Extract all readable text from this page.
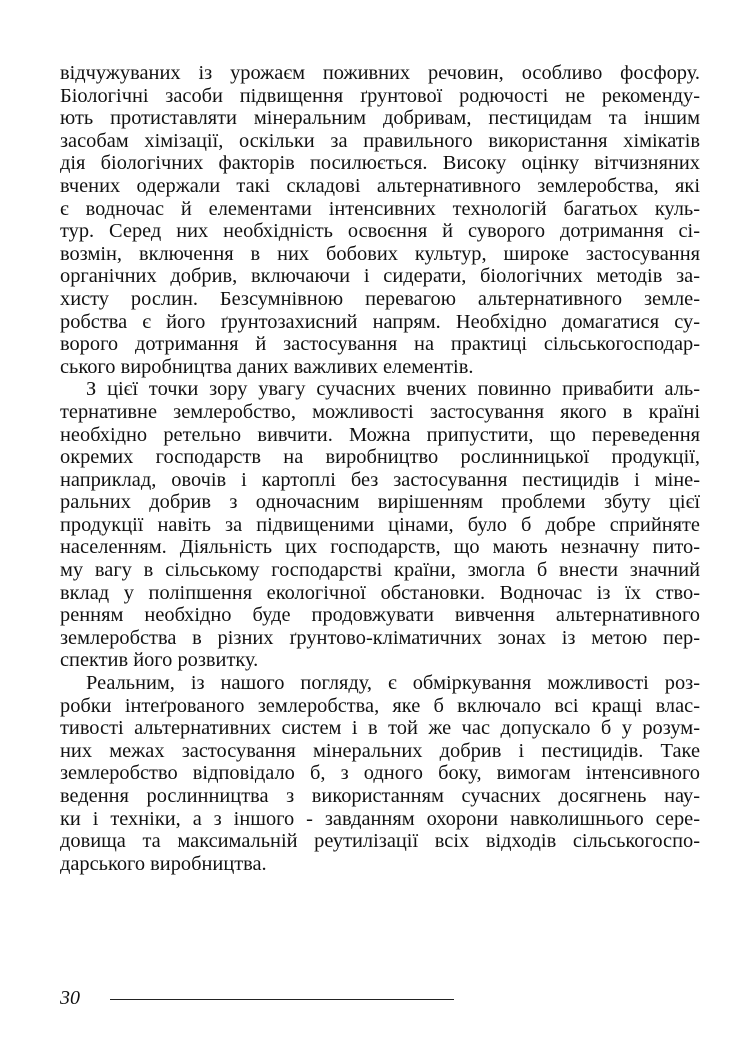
відчужуваних із урожаєм поживних речовин, особливо фосфору.
Біологічні засоби підвищення ґрунтової родючості не рекоменду-
ють протиставляти мінеральним добривам, пестицидам та іншим
засобам хімізації, оскільки за правильного використання хімікатів
дія біологічних факторів посилюється. Високу оцінку вітчизняних
вчених одержали такі складові альтернативного землеробства, які
є водночас й елементами інтенсивних технологій багатьох куль-
тур. Серед них необхідність освоєння й суворого дотримання сі-
возмін, включення в них бобових культур, широке застосування
органічних добрив, включаючи і сидерати, біологічних методів за-
хисту рослин. Безсумнівною перевагою альтернативного земле-
робства є його ґрунтозахисний напрям. Необхідно домагатися су-
ворого дотримання й застосування на практиці сільськогосподар-
ського виробництва даних важливих елементів.
З цієї точки зору увагу сучасних вчених повинно привабити аль-
тернативне землеробство, можливості застосування якого в країні
необхідно ретельно вивчити. Можна припустити, що переведення
окремих господарств на виробництво рослинницької продукції,
наприклад, овочів і картоплі без застосування пестицидів і міне-
ральних добрив з одночасним вирішенням проблеми збуту цієї
продукції навіть за підвищеними цінами, було б добре сприйняте
населенням. Діяльність цих господарств, що мають незначну пито-
му вагу в сільському господарстві країни, змогла б внести значний
вклад у поліпшення екологічної обстановки. Водночас із їх ство-
ренням необхідно буде продовжувати вивчення альтернативного
землеробства в різних ґрунтово-кліматичних зонах із метою пер-
спектив його розвитку.
Реальним, із нашого погляду, є обміркування можливості роз-
робки інтеґрованого землеробства, яке б включало всі кращі влас-
тивості альтернативних систем і в той же час допускало б у розум-
них межах застосування мінеральних добрив і пестицидів. Таке
землеробство відповідало б, з одного боку, вимогам інтенсивного
ведення рослинництва з використанням сучасних досягнень нау-
ки і техніки, а з іншого - завданням охорони навколишнього сере-
довища та максимальній реутилізації всіх відходів сільськогоспо-
дарського виробництва.
30
